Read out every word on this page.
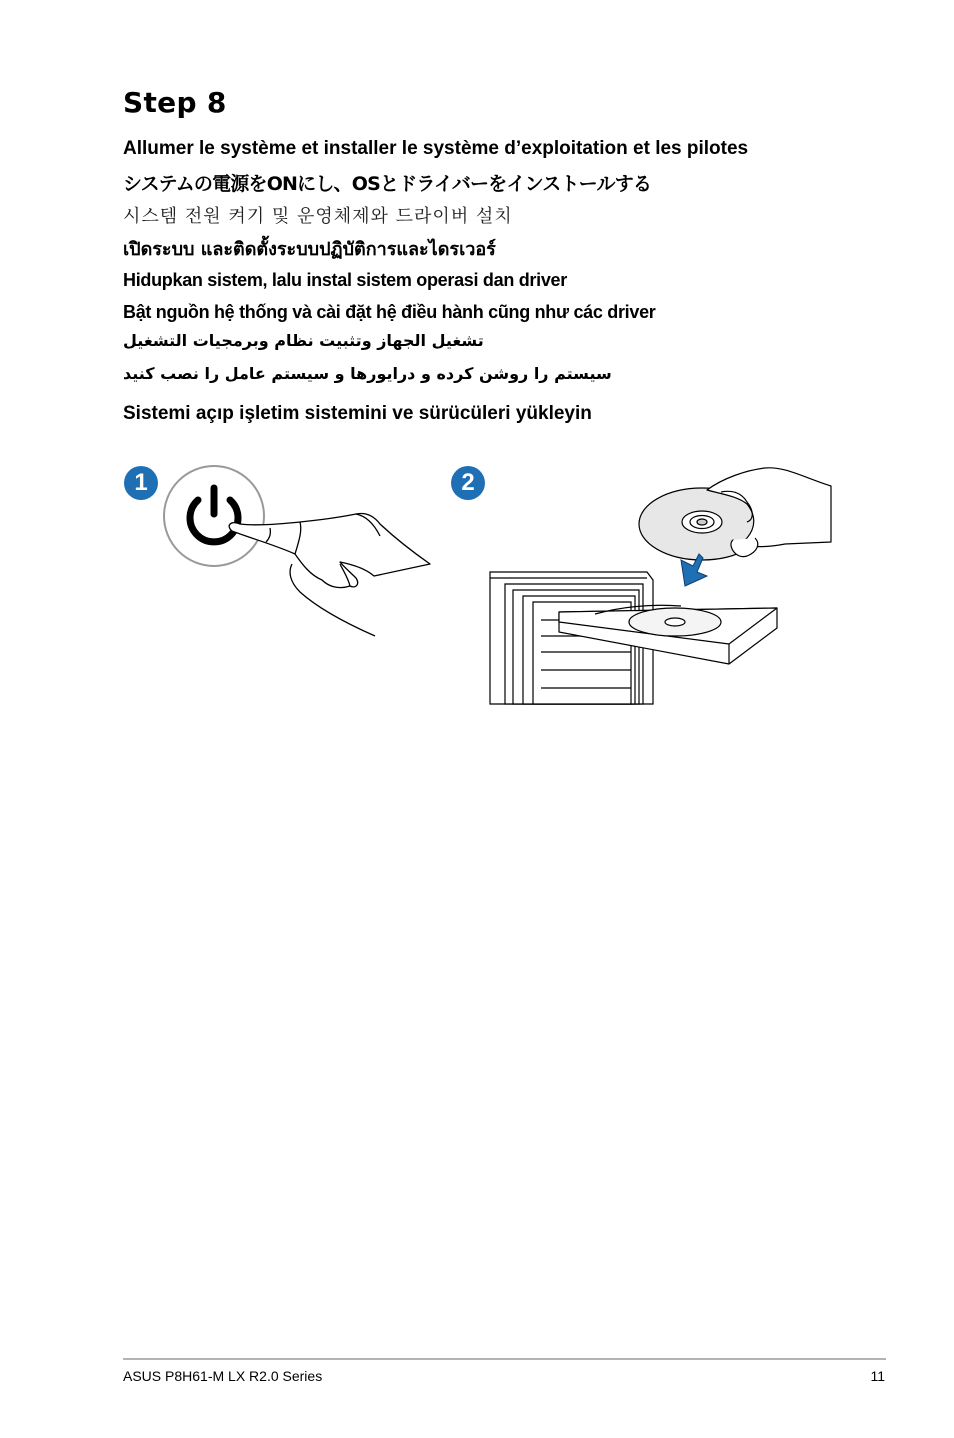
Step 8

Allumer le système et installer le système d’exploitation et les pilotes

システムの電源をONにし、OSとドライバーをインストールする

시스템 전원 켜기 및 운영체제와 드라이버 설치

เปิดระบบ และติดตั้งระบบปฏิบัติการและไดรเวอร์

Hidupkan sistem, lalu instal sistem operasi dan driver

Bật nguồn hệ thống và cài đặt hệ điều hành cũng như các driver

تشغيل الجهاز وتثبيت نظام وبرمجيات التشغيل

سیستم را روشن کرده و درایورها و سیستم عامل را نصب کنید

Sistemi açıp işletim sistemini ve sürücüleri yükleyin

1	2
ASUS P8H61-M LX R2.0 Series	11
